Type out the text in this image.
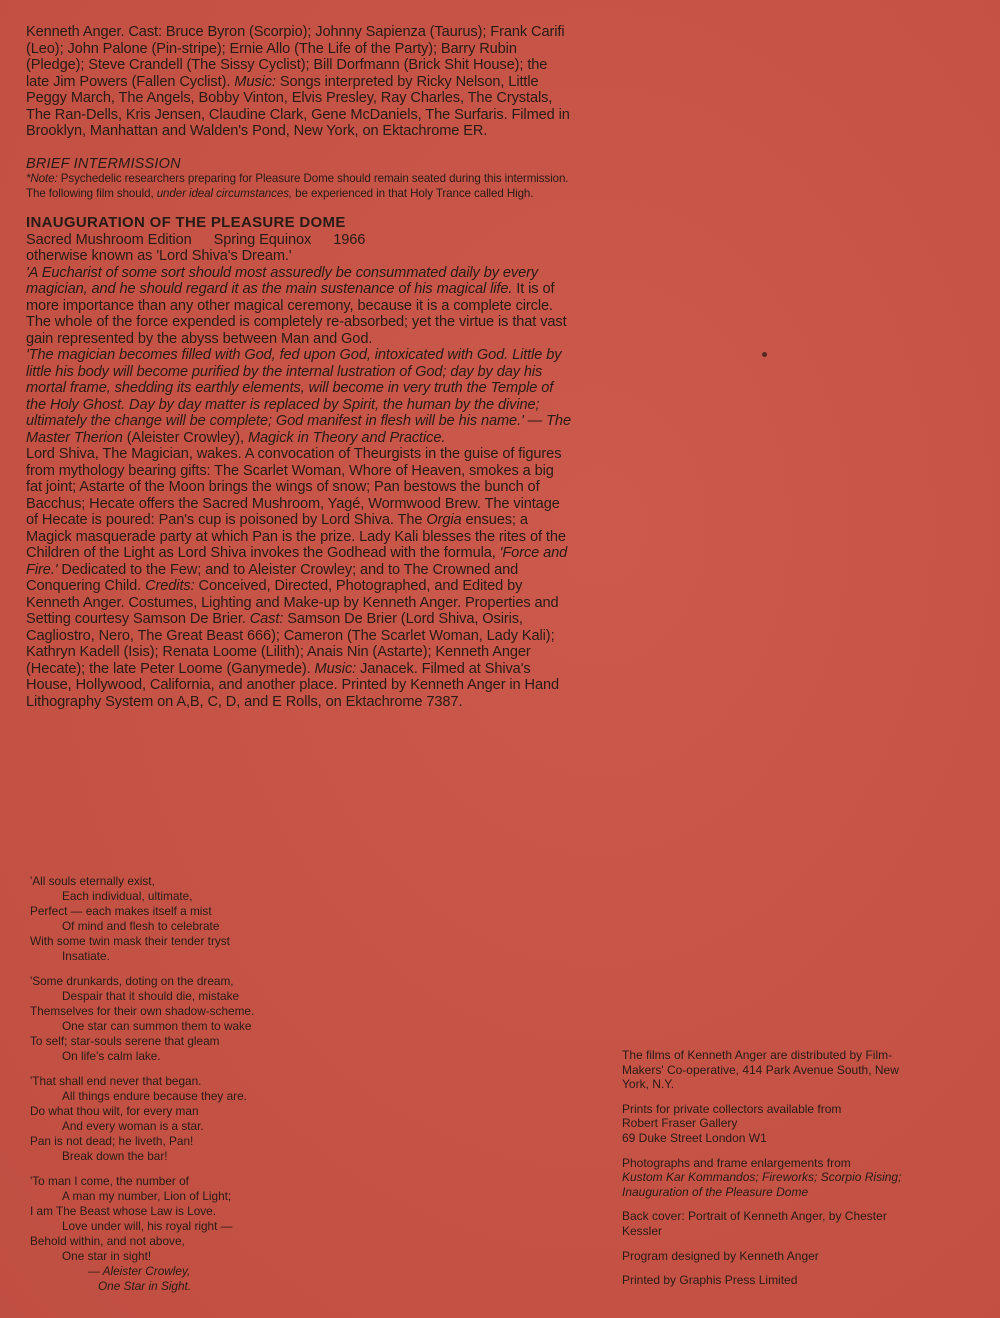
Kenneth Anger. Cast: Bruce Byron (Scorpio); Johnny Sapienza (Taurus); Frank Carifi (Leo); John Palone (Pin-stripe); Ernie Allo (The Life of the Party); Barry Rubin (Pledge); Steve Crandell (The Sissy Cyclist); Bill Dorfmann (Brick Shit House); the late Jim Powers (Fallen Cyclist). Music: Songs interpreted by Ricky Nelson, Little Peggy March, The Angels, Bobby Vinton, Elvis Presley, Ray Charles, The Crystals, The Ran-Dells, Kris Jensen, Claudine Clark, Gene McDaniels, The Surfaris. Filmed in Brooklyn, Manhattan and Walden's Pond, New York, on Ektachrome ER.

BRIEF INTERMISSION

*Note: Psychedelic researchers preparing for Pleasure Dome should remain seated during this intermission. The following film should, under ideal circumstances, be experienced in that Holy Trance called High.

INAUGURATION OF THE PLEASURE DOME

Sacred Mushroom Edition Spring Equinox 1966

otherwise known as 'Lord Shiva's Dream.'

'A Eucharist of some sort should most assuredly be consummated daily by every magician, and he should regard it as the main sustenance of his magical life. It is of more importance than any other magical ceremony, because it is a complete circle. The whole of the force expended is completely re-absorbed; yet the virtue is that vast gain represented by the abyss between Man and God.

'The magician becomes filled with God, fed upon God, intoxicated with God. Little by little his body will become purified by the internal lustration of God; day by day his mortal frame, shedding its earthly elements, will become in very truth the Temple of the Holy Ghost. Day by day matter is replaced by Spirit, the human by the divine; ultimately the change will be complete; God manifest in flesh will be his name.' — The Master Therion (Aleister Crowley), Magick in Theory and Practice.

Lord Shiva, The Magician, wakes. A convocation of Theurgists in the guise of figures from mythology bearing gifts: The Scarlet Woman, Whore of Heaven, smokes a big fat joint; Astarte of the Moon brings the wings of snow; Pan bestows the bunch of Bacchus; Hecate offers the Sacred Mushroom, Yagé, Wormwood Brew. The vintage of Hecate is poured: Pan's cup is poisoned by Lord Shiva. The Orgia ensues; a Magick masquerade party at which Pan is the prize. Lady Kali blesses the rites of the Children of the Light as Lord Shiva invokes the Godhead with the formula, 'Force and Fire.' Dedicated to the Few; and to Aleister Crowley; and to The Crowned and Conquering Child. Credits: Conceived, Directed, Photographed, and Edited by Kenneth Anger. Costumes, Lighting and Make-up by Kenneth Anger. Properties and Setting courtesy Samson De Brier. Cast: Samson De Brier (Lord Shiva, Osiris, Cagliostro, Nero, The Great Beast 666); Cameron (The Scarlet Woman, Lady Kali); Kathryn Kadell (Isis); Renata Loome (Lilith); Anais Nin (Astarte); Kenneth Anger (Hecate); the late Peter Loome (Ganymede). Music: Janacek. Filmed at Shiva's House, Hollywood, California, and another place. Printed by Kenneth Anger in Hand Lithography System on A,B, C, D, and E Rolls, on Ektachrome 7387.

'All souls eternally exist,
Each individual, ultimate,
Perfect — each makes itself a mist
Of mind and flesh to celebrate
With some twin mask their tender tryst
Insatiate.
'Some drunkards, doting on the dream,
Despair that it should die, mistake
Themselves for their own shadow-scheme.
One star can summon them to wake
To self; star-souls serene that gleam
On life's calm lake.
'That shall end never that began.
All things endure because they are.
Do what thou wilt, for every man
And every woman is a star.
Pan is not dead; he liveth, Pan!
Break down the bar!
'To man I come, the number of
A man my number, Lion of Light;
I am The Beast whose Law is Love.
Love under will, his royal right —
Behold within, and not above,
One star in sight!
— Aleister Crowley,
One Star in Sight.

The films of Kenneth Anger are distributed by Film-Makers' Co-operative, 414 Park Avenue South, New York, N.Y.

Prints for private collectors available from
Robert Fraser Gallery
69 Duke Street London W1

Photographs and frame enlargements from
Kustom Kar Kommandos; Fireworks; Scorpio Rising; Inauguration of the Pleasure Dome

Back cover: Portrait of Kenneth Anger, by Chester Kessler

Program designed by Kenneth Anger

Printed by Graphis Press Limited
